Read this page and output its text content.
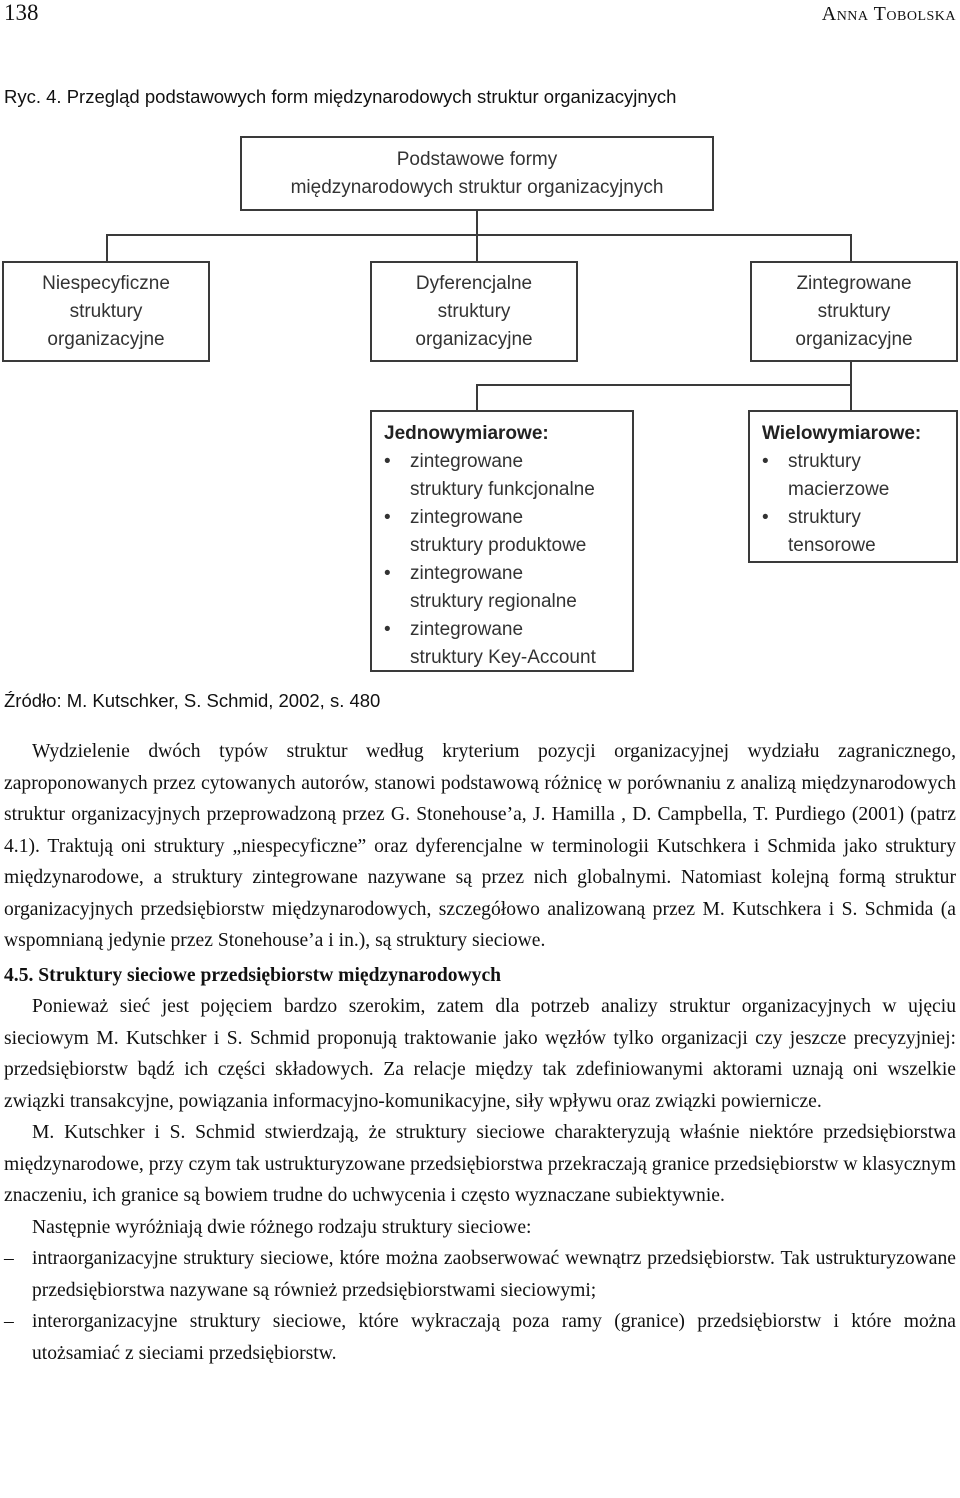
138	Anna Tobolska
Ryc. 4. Przegląd podstawowych form międzynarodowych struktur organizacyjnych
Podstawowe formy
międzynarodowych struktur organizacyjnych
Niespecyficzne
struktury
organizacyjne
Dyferencjalne
struktury
organizacyjne
Zintegrowane
struktury
organizacyjne
Jednowymiarowe:
•	zintegrowane
struktury funkcjonalne
•	zintegrowane
struktury produktowe
•	zintegrowane
struktury regionalne
•	zintegrowane
struktury Key-Account
Wielowymiarowe:
•	struktury
macierzowe
•	struktury
tensorowe
Źródło: M. Kutschker, S. Schmid, 2002, s. 480

Wydzielenie dwóch typów struktur według kryterium pozycji organizacyjnej wydziału zagranicznego, zaproponowanych przez cytowanych autorów, stanowi podstawową różnicę w porównaniu z analizą międzynarodowych struktur organizacyjnych przeprowadzoną przez G. Stonehouse’a, J. Hamilla , D. Campbella, T. Purdiego (2001) (patrz 4.1). Traktują oni struktury „niespecyficzne” oraz dyferencjalne w terminologii Kutschkera i Schmida jako struktury międzynarodowe, a struktury zintegrowane nazywane są przez nich globalnymi. Natomiast kolejną formą struktur organizacyjnych przedsiębiorstw międzynarodowych, szczegółowo analizowaną przez M. Kutschkera i S. Schmida (a wspomnianą jedynie przez Stonehouse’a i in.), są struktury sieciowe.

4.5. Struktury sieciowe przedsiębiorstw międzynarodowych

Ponieważ sieć jest pojęciem bardzo szerokim, zatem dla potrzeb analizy struktur organizacyjnych w ujęciu sieciowym M. Kutschker i S. Schmid proponują traktowanie jako węzłów tylko organizacji czy jeszcze precyzyjniej: przedsiębiorstw bądź ich części składowych. Za relacje między tak zdefiniowanymi aktorami uznają oni wszelkie związki transakcyjne, powiązania informacyjno-komunikacyjne, siły wpływu oraz związki powiernicze.

M. Kutschker i S. Schmid stwierdzają, że struktury sieciowe charakteryzują właśnie niektóre przedsiębiorstwa międzynarodowe, przy czym tak ustrukturyzowane przedsiębiorstwa przekraczają granice przedsiębiorstw w klasycznym znaczeniu, ich granice są bowiem trudne do uchwycenia i często wyznaczane subiektywnie.

Następnie wyróżniają dwie różnego rodzaju struktury sieciowe:

– intraorganizacyjne struktury sieciowe, które można zaobserwować wewnątrz przedsiębiorstw. Tak ustrukturyzowane przedsiębiorstwa nazywane są również przedsiębiorstwami sieciowymi;
– interorganizacyjne struktury sieciowe, które wykraczają poza ramy (granice) przedsiębiorstw i które można utożsamiać z sieciami przedsiębiorstw.
